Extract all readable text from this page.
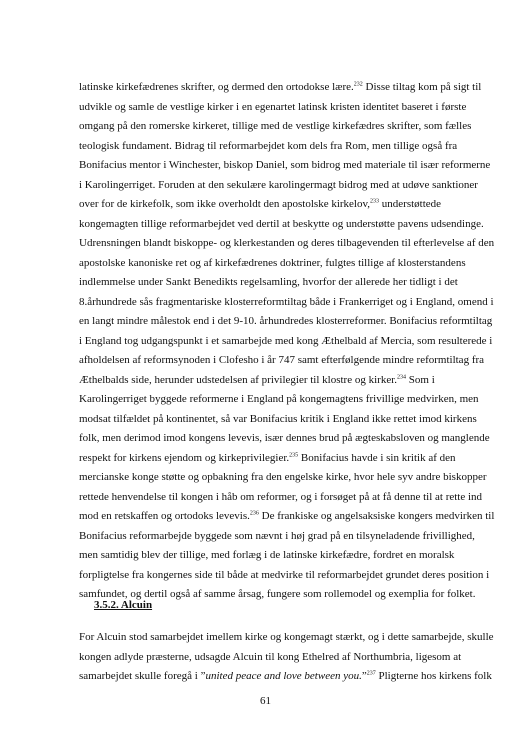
latinske kirkefædrenes skrifter, og dermed den ortodokse lære.$^{232}$ Disse tiltag kom på sigt til
udvikle og samle de vestlige kirker i en egenartet latinsk kristen identitet baseret i første
omgang på den romerske kirkeret, tillige med de vestlige kirkefædres skrifter, som fælles
teologisk fundament. Bidrag til reformarbejdet kom dels fra Rom, men tillige også fra
Bonifacius mentor i Winchester, biskop Daniel, som bidrog med materiale til især reformerne
i Karolingerriget. Foruden at den sekulære karolingermagt bidrog med at udøve sanktioner
over for de kirkefolk, som ikke overholdt den apostolske kirkelov,$^{233}$ understøttede
kongemagten tillige reformarbejdet ved dertil at beskytte og understøtte pavens udsendinge.
Udrensningen blandt biskoppe- og klerkestanden og deres tilbagevenden til efterlevelse af den
apostolske kanoniske ret og af kirkefædrenes doktriner, fulgtes tillige af klosterstandens
indlemmelse under Sankt Benedikts regelsamling, hvorfor der allerede her tidligt i det
8.århundrede sås fragmentariske klosterreformtiltag både i Frankerriget og i England, omend i
en langt mindre målestok end i det 9-10. århundredes klosterreformer. Bonifacius reformtiltag
i England tog udgangspunkt i et samarbejde med kong Æthelbald af Mercia, som resulterede i
afholdelsen af reformsynoden i Clofesho i år 747 samt efterfølgende mindre reformtiltag fra
Æthelbalds side, herunder udstedelsen af privilegier til klostre og kirker.$^{234}$ Som i
Karolingerriget byggede reformerne i England på kongemagtens frivillige medvirken, men
modsat tilfældet på kontinentet, så var Bonifacius kritik i England ikke rettet imod kirkens
folk, men derimod imod kongens levevis, især dennes brud på ægteskabsloven og manglende
respekt for kirkens ejendom og kirkeprivilegier.$^{235}$ Bonifacius havde i sin kritik af den
mercianske konge støtte og opbakning fra den engelske kirke, hvor hele syv andre biskopper
rettede henvendelse til kongen i håb om reformer, og i forsøget på at få denne til at rette ind
mod en retskaffen og ortodoks levevis.$^{236}$ De frankiske og angelsaksiske kongers medvirken til
Bonifacius reformarbejde byggede som nævnt i høj grad på en tilsyneladende frivillighed,
men samtidig blev der tillige, med forlæg i de latinske kirkefædre, fordret en moralsk
forpligtelse fra kongernes side til både at medvirke til reformarbejdet grundet deres position i
samfundet, og dertil også af samme årsag, fungere som rollemodel og exemplia for folket.
3.5.2. Alcuin
For Alcuin stod samarbejdet imellem kirke og kongemagt stærkt, og i dette samarbejde, skulle
kongen adlyde præsterne, udsagde Alcuin til kong Ethelred af Northumbria, ligesom at
samarbejdet skulle foregå i ”united peace and love between you.”$^{237}$ Pligterne hos kirkens folk
61
